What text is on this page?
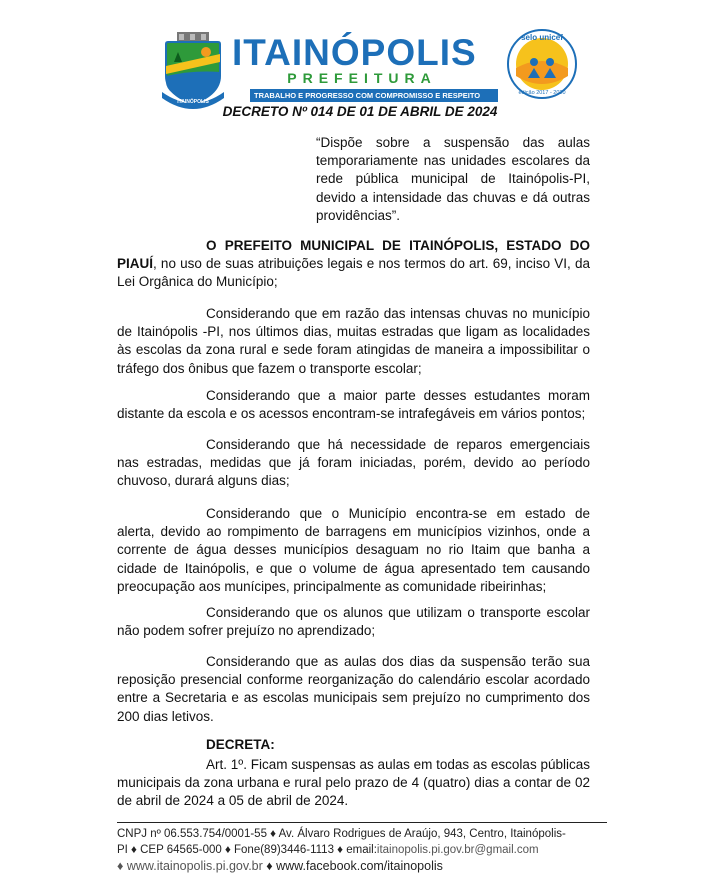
ITAINÓPOLIS
ITAINÓPOLIS
PREFEITURA
TRABALHO E PROGRESSO COM COMPROMISSO E RESPEITO
selo unicef
edição 2017 - 2020
DECRETO Nº 014 DE 01 DE ABRIL DE 2024
“Dispõe sobre a suspensão das aulas temporariamente nas unidades escolares da rede pública municipal de Itainópolis-PI, devido a intensidade das chuvas e dá outras providências”.
O PREFEITO MUNICIPAL DE ITAINÓPOLIS, ESTADO DO PIAUÍ, no uso de suas atribuições legais e nos termos do art. 69, inciso VI, da Lei Orgânica do Município;
Considerando que em razão das intensas chuvas no município de Itainópolis -PI, nos últimos dias, muitas estradas que ligam as localidades às escolas da zona rural e sede foram atingidas de maneira a impossibilitar o tráfego dos ônibus que fazem o transporte escolar;
Considerando que a maior parte desses estudantes moram distante da escola e os acessos encontram-se intrafegáveis em vários pontos;
Considerando que há necessidade de reparos emergenciais nas estradas, medidas que já foram iniciadas, porém, devido ao período chuvoso, durará alguns dias;
Considerando que o Município encontra-se em estado de alerta, devido ao rompimento de barragens em municípios vizinhos, onde a corrente de água desses municípios desaguam no rio Itaim que banha a cidade de Itainópolis, e que o volume de água apresentado tem causando preocupação aos munícipes, principalmente as comunidade ribeirinhas;
Considerando que os alunos que utilizam o transporte escolar não podem sofrer prejuízo no aprendizado;
Considerando que as aulas dos dias da suspensão terão sua reposição presencial conforme reorganização do calendário escolar acordado entre a Secretaria e as escolas municipais sem prejuízo no cumprimento dos 200 dias letivos.
DECRETA:
Art. 1º. Ficam suspensas as aulas em todas as escolas públicas municipais da zona urbana e rural pelo prazo de 4 (quatro) dias a contar de 02 de abril de 2024 a 05 de abril de 2024.
CNPJ nº 06.553.754/0001-55 ♦ Av. Álvaro Rodrigues de Araújo, 943, Centro, Itainópolis-
PI ♦ CEP 64565-000 ♦ Fone(89)3446-1113 ♦ email:itainopolis.pi.gov.br@gmail.com
♦ www.itainopolis.pi.gov.br ♦ www.facebook.com/itainopolis
